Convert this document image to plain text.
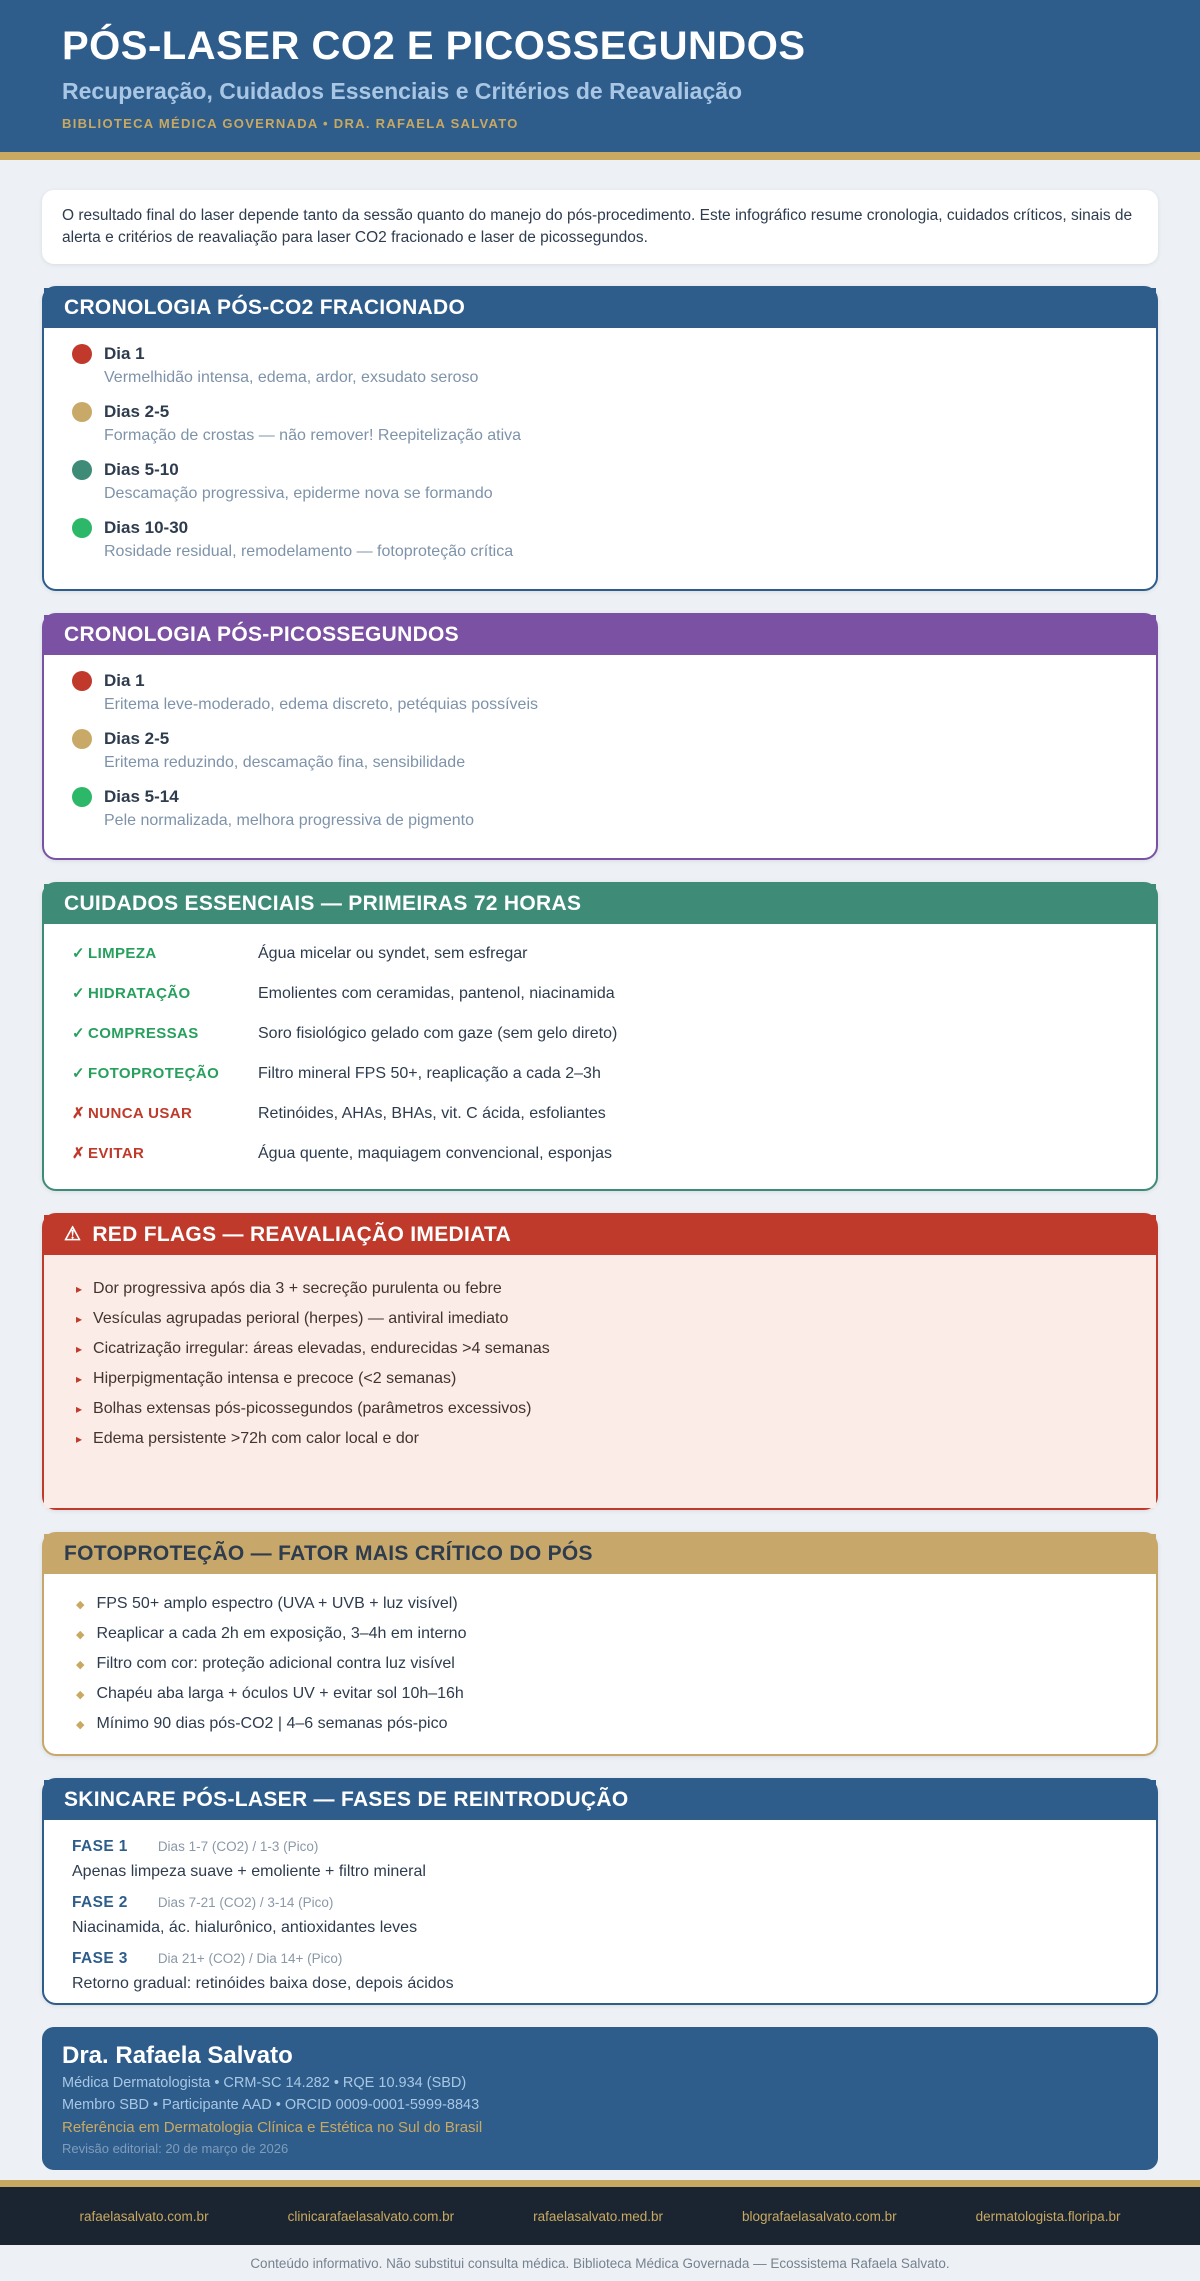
PÓS-LASER CO2 E PICOSSEGUNDOS
Recuperação, Cuidados Essenciais e Critérios de Reavaliação
BIBLIOTECA MÉDICA GOVERNADA • DRA. RAFAELA SALVATO
O resultado final do laser depende tanto da sessão quanto do manejo do pós-procedimento. Este infográfico resume cronologia, cuidados críticos, sinais de alerta e critérios de reavaliação para laser CO2 fracionado e laser de picossegundos.
CRONOLOGIA PÓS-CO2 FRACIONADO
Dia 1
Vermelhidão intensa, edema, ardor, exsudato seroso
Dias 2-5
Formação de crostas — não remover! Reepitelização ativa
Dias 5-10
Descamação progressiva, epiderme nova se formando
Dias 10-30
Rosidade residual, remodelamento — fotoproteção crítica
CRONOLOGIA PÓS-PICOSSEGUNDOS
Dia 1
Eritema leve-moderado, edema discreto, petéquias possíveis
Dias 2-5
Eritema reduzindo, descamação fina, sensibilidade
Dias 5-14
Pele normalizada, melhora progressiva de pigmento
CUIDADOS ESSENCIAIS — PRIMEIRAS 72 HORAS
✓ LIMPEZA	Água micelar ou syndet, sem esfregar
✓ HIDRATAÇÃO	Emolientes com ceramidas, pantenol, niacinamida
✓ COMPRESSAS	Soro fisiológico gelado com gaze (sem gelo direto)
✓ FOTOPROTEÇÃO	Filtro mineral FPS 50+, reaplicação a cada 2–3h
✗ NUNCA USAR	Retinóides, AHAs, BHAs, vit. C ácida, esfoliantes
✗ EVITAR	Água quente, maquiagem convencional, esponjas
⚠ RED FLAGS — REAVALIAÇÃO IMEDIATA
▸ Dor progressiva após dia 3 + secreção purulenta ou febre
▸ Vesículas agrupadas perioral (herpes) — antiviral imediato
▸ Cicatrização irregular: áreas elevadas, endurecidas >4 semanas
▸ Hiperpigmentação intensa e precoce (<2 semanas)
▸ Bolhas extensas pós-picossegundos (parâmetros excessivos)
▸ Edema persistente >72h com calor local e dor
FOTOPROTEÇÃO — FATOR MAIS CRÍTICO DO PÓS
◆ FPS 50+ amplo espectro (UVA + UVB + luz visível)
◆ Reaplicar a cada 2h em exposição, 3–4h em interno
◆ Filtro com cor: proteção adicional contra luz visível
◆ Chapéu aba larga + óculos UV + evitar sol 10h–16h
◆ Mínimo 90 dias pós-CO2 | 4–6 semanas pós-pico
SKINCARE PÓS-LASER — FASES DE REINTRODUÇÃO
FASE 1 Dias 1-7 (CO2) / 1-3 (Pico)
Apenas limpeza suave + emoliente + filtro mineral
FASE 2 Dias 7-21 (CO2) / 3-14 (Pico)
Niacinamida, ác. hialurônico, antioxidantes leves
FASE 3 Dia 21+ (CO2) / Dia 14+ (Pico)
Retorno gradual: retinóides baixa dose, depois ácidos
Dra. Rafaela Salvato
Médica Dermatologista • CRM-SC 14.282 • RQE 10.934 (SBD)
Membro SBD • Participante AAD • ORCID 0009-0001-5999-8843
Referência em Dermatologia Clínica e Estética no Sul do Brasil
Revisão editorial: 20 de março de 2026
rafaelasalvato.com.br	clinicarafaelasalvato.com.br	rafaelasalvato.med.br	blografaelasalvato.com.br	dermatologista.floripa.br
Conteúdo informativo. Não substitui consulta médica. Biblioteca Médica Governada — Ecossistema Rafaela Salvato.
